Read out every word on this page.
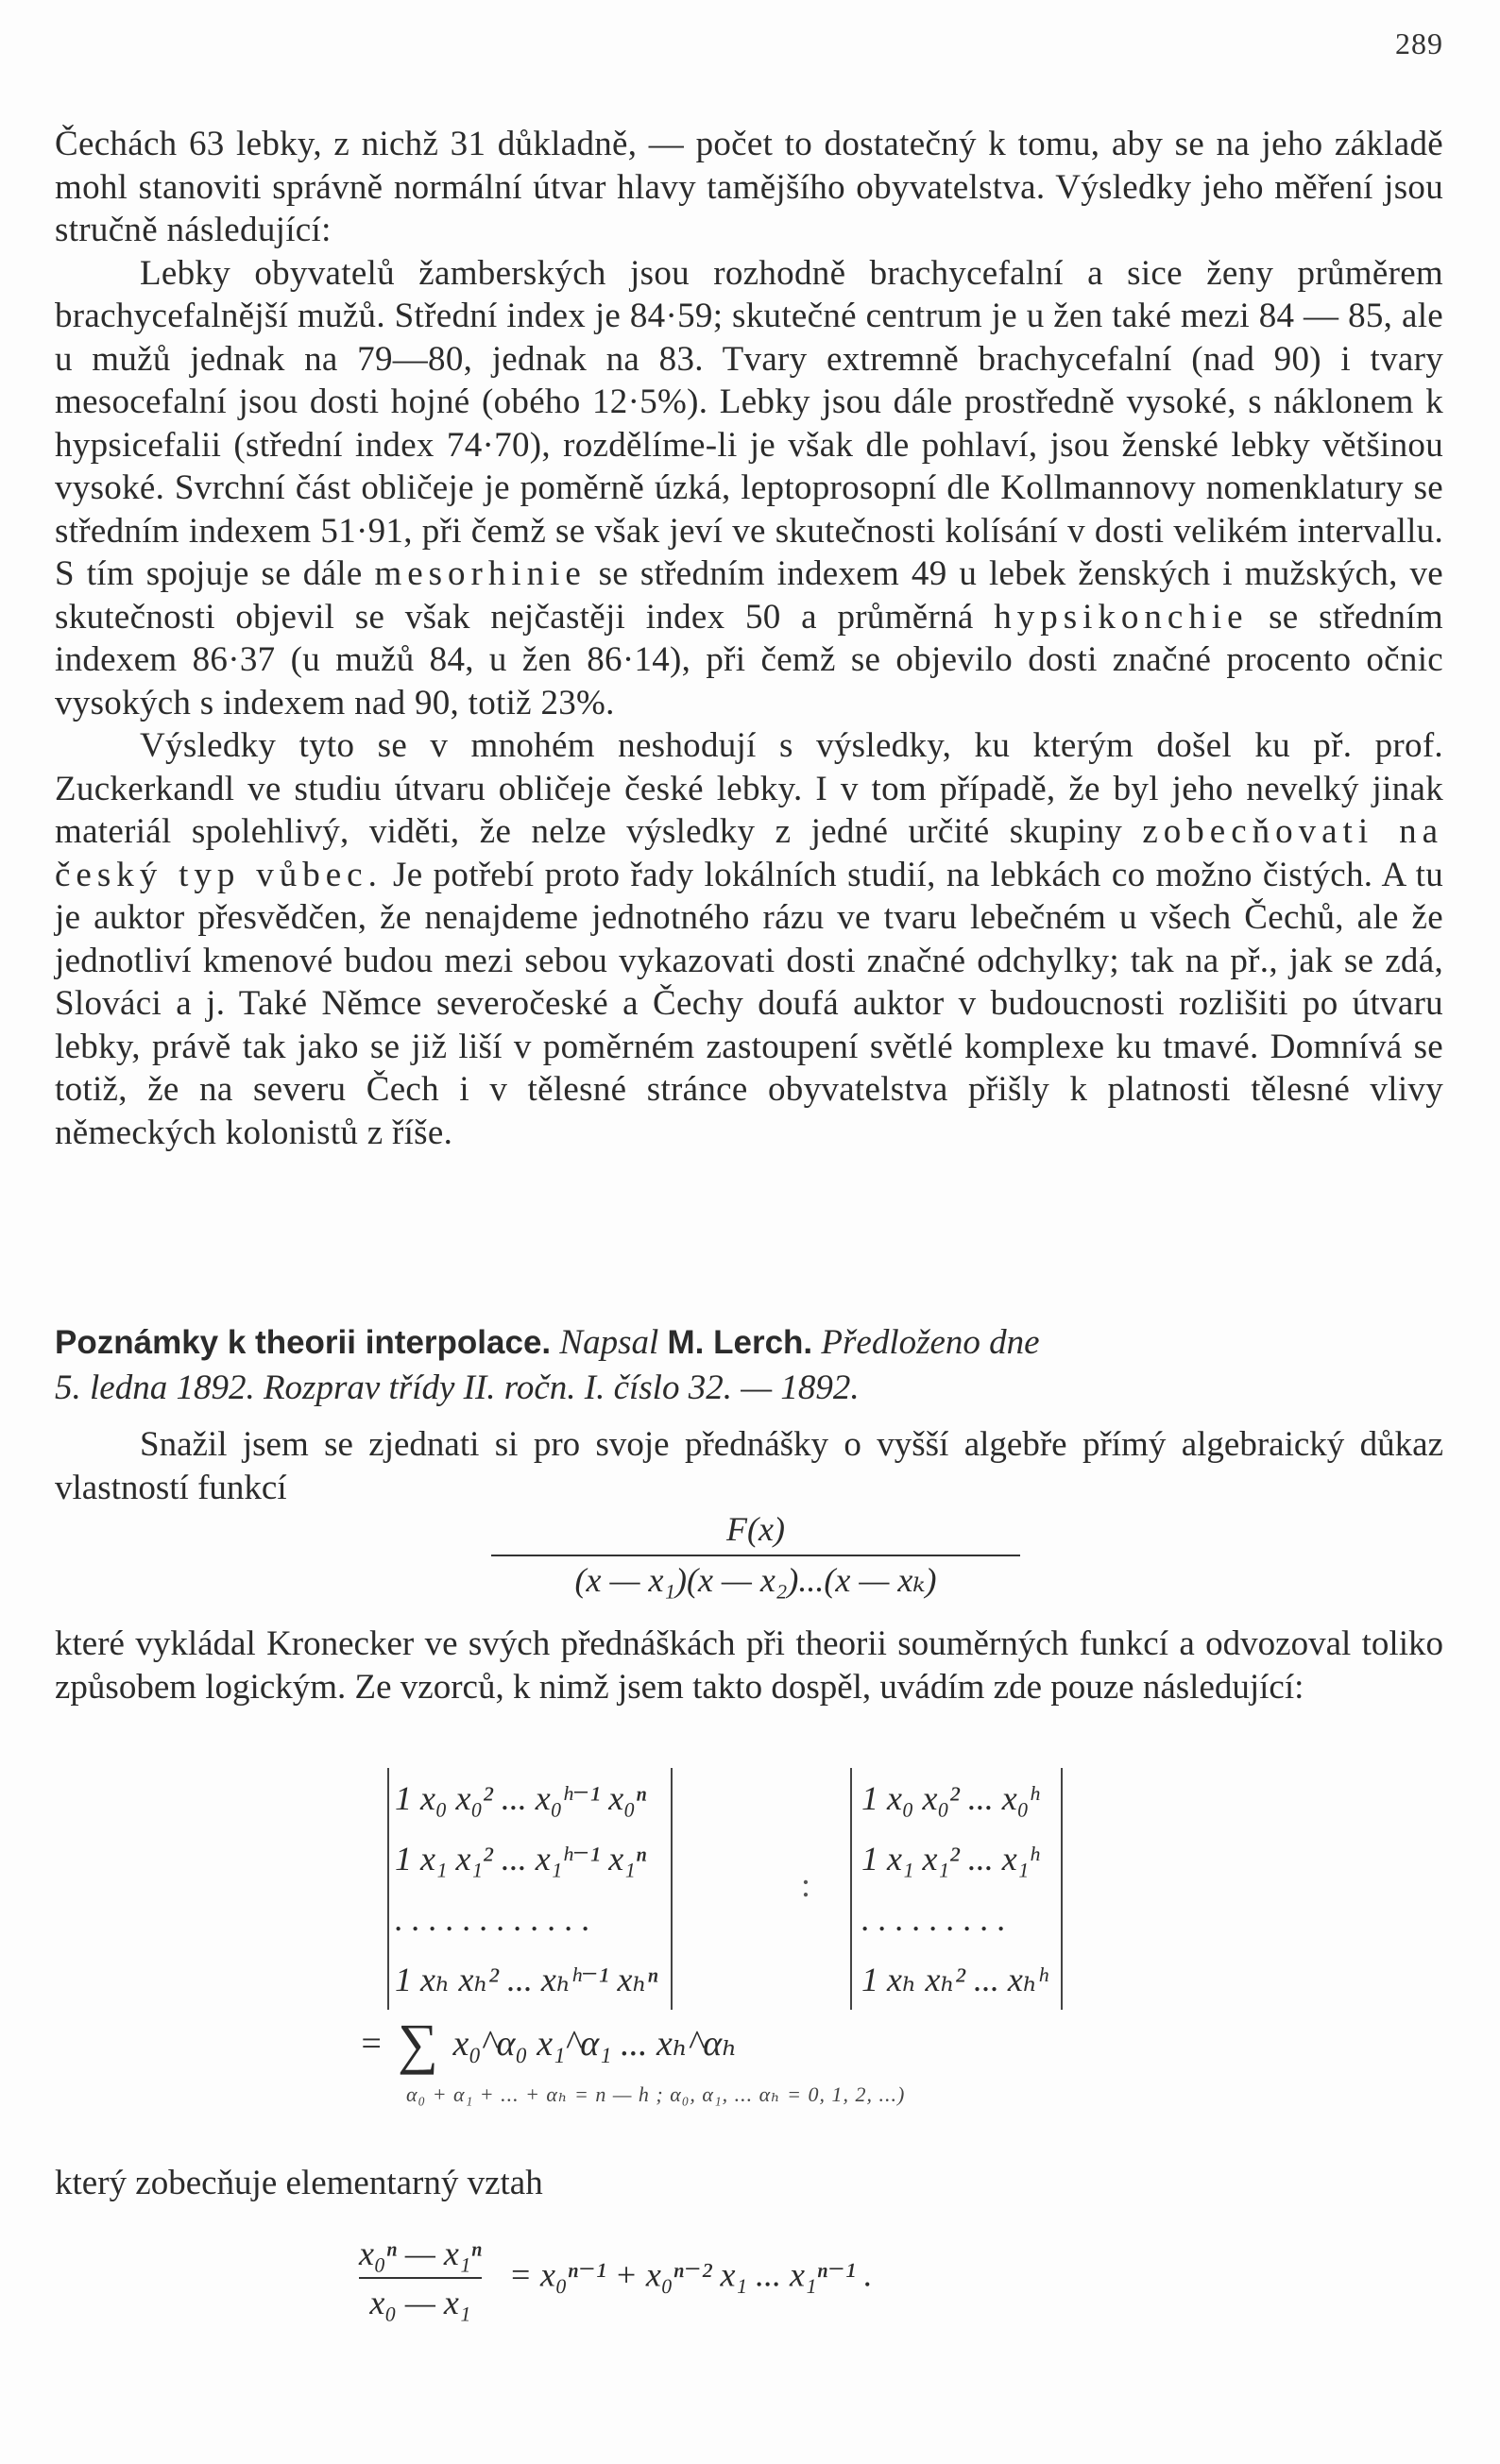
289

Čechách 63 lebky, z nichž 31 důkladně, — počet to dostatečný k tomu, aby se na jeho základě mohl stanoviti správně normální útvar hlavy tamějšího obyvatelstva. Výsledky jeho měření jsou stručně následující:

Lebky obyvatelů žamberských jsou rozhodně brachycefalní a sice ženy průměrem brachycefalnější mužů. Střední index je 84·59; skutečné centrum je u žen také mezi 84 — 85, ale u mužů jednak na 79—80, jednak na 83. Tvary extremně brachycefalní (nad 90) i tvary mesocefalní jsou dosti hojné (obého 12·5%). Lebky jsou dále prostředně vysoké, s náklonem k hypsicefalii (střední index 74·70), rozdělíme-li je však dle pohlaví, jsou ženské lebky většinou vysoké. Svrchní část obličeje je poměrně úzká, leptoprosopní dle Kollmannovy nomenklatury se středním indexem 51·91, při čemž se však jeví ve skutečnosti kolísání v dosti velikém intervallu. S tím spojuje se dále mesorhinie se středním indexem 49 u lebek ženských i mužských, ve skutečnosti objevil se však nejčastěji index 50 a průměrná hypsikonchie se středním indexem 86·37 (u mužů 84, u žen 86·14), při čemž se objevilo dosti značné procento očnic vysokých s indexem nad 90, totiž 23%.

Výsledky tyto se v mnohém neshodují s výsledky, ku kterým došel ku př. prof. Zuckerkandl ve studiu útvaru obličeje české lebky. I v tom případě, že byl jeho nevelký jinak materiál spolehlivý, viděti, že nelze výsledky z jedné určité skupiny zobecňovati na český typ vůbec. Je potřebí proto řady lokálních studií, na lebkách co možno čistých. A tu je auktor přesvědčen, že nenajdeme jednotného rázu ve tvaru lebečném u všech Čechů, ale že jednotliví kmenové budou mezi sebou vykazovati dosti značné odchylky; tak na př., jak se zdá, Slováci a j. Také Němce severočeské a Čechy doufá auktor v budoucnosti rozlišiti po útvaru lebky, právě tak jako se již liší v poměrném zastoupení světlé komplexe ku tmavé. Domnívá se totiž, že na severu Čech i v tělesné stránce obyvatelstva přišly k platnosti tělesné vlivy německých kolonistů z říše.

Poznámky k theorii interpolace. Napsal M. Lerch. Předloženo dne
5. ledna 1892. Rozprav třídy II. ročn. I. číslo 32. — 1892.
Snažil jsem se zjednati si pro svoje přednášky o vyšší algebře přímý algebraický důkaz vlastností funkcí
F(x)
(x — x₁)(x — x₂)...(x — xₖ)
které vykládal Kronecker ve svých přednáškách při theorii souměrných funkcí a odvozoval toliko způsobem logickým. Ze vzorců, k nimž jsem takto dospěl, uvádím zde pouze následující:
1 x₀ x₀² ... x₀ʰ⁻¹ x₀ⁿ
1 x₁ x₁² ... x₁ʰ⁻¹ x₁ⁿ
. . . . . . . . . . . .
1 xₕ xₕ² ... xₕʰ⁻¹ xₕⁿ
:
1 x₀ x₀² ... x₀ʰ
1 x₁ x₁² ... x₁ʰ
. . . . . . . . .
1 xₕ xₕ² ... xₕʰ
= ∑ x₀^α₀ x₁^α₁ ... xₕ^αₕ
α₀ + α₁ + ... + αₕ = n — h ; α₀, α₁, ... αₕ = 0, 1, 2, ...)
který zobecňuje elementarný vztah
$\frac{\text{x₀ⁿ — x₁ⁿ}}{\text{x₀ — x₁}} = x_0^{n-1} + x_0^{n-2}$ x₁ ... x₁ⁿ⁻¹ .
